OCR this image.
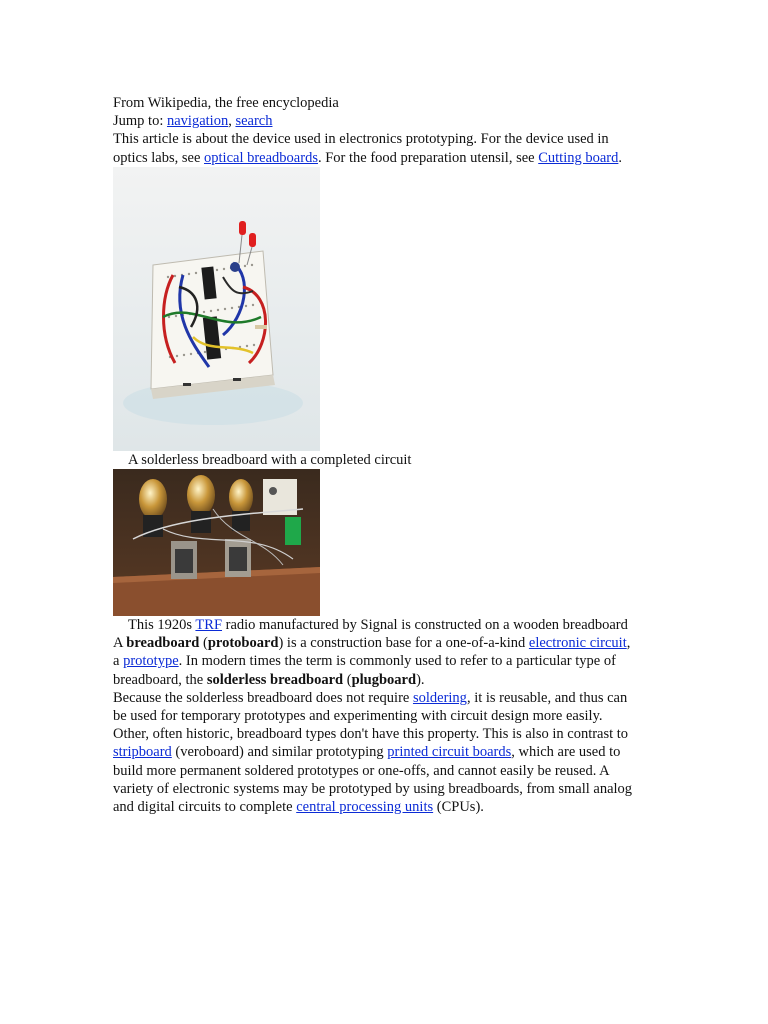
From Wikipedia, the free encyclopedia
Jump to: navigation, search
This article is about the device used in electronics prototyping. For the device used in
optics labs, see optical breadboards. For the food preparation utensil, see Cutting board.
A solderless breadboard with a completed circuit
This 1920s TRF radio manufactured by Signal is constructed on a wooden breadboard
A breadboard (protoboard) is a construction base for a one-of-a-kind electronic circuit,
a prototype. In modern times the term is commonly used to refer to a particular type of
breadboard, the solderless breadboard (plugboard).
Because the solderless breadboard does not require soldering, it is reusable, and thus can
be used for temporary prototypes and experimenting with circuit design more easily.
Other, often historic, breadboard types don't have this property. This is also in contrast to
stripboard (veroboard) and similar prototyping printed circuit boards, which are used to
build more permanent soldered prototypes or one-offs, and cannot easily be reused. A
variety of electronic systems may be prototyped by using breadboards, from small analog
and digital circuits to complete central processing units (CPUs).
